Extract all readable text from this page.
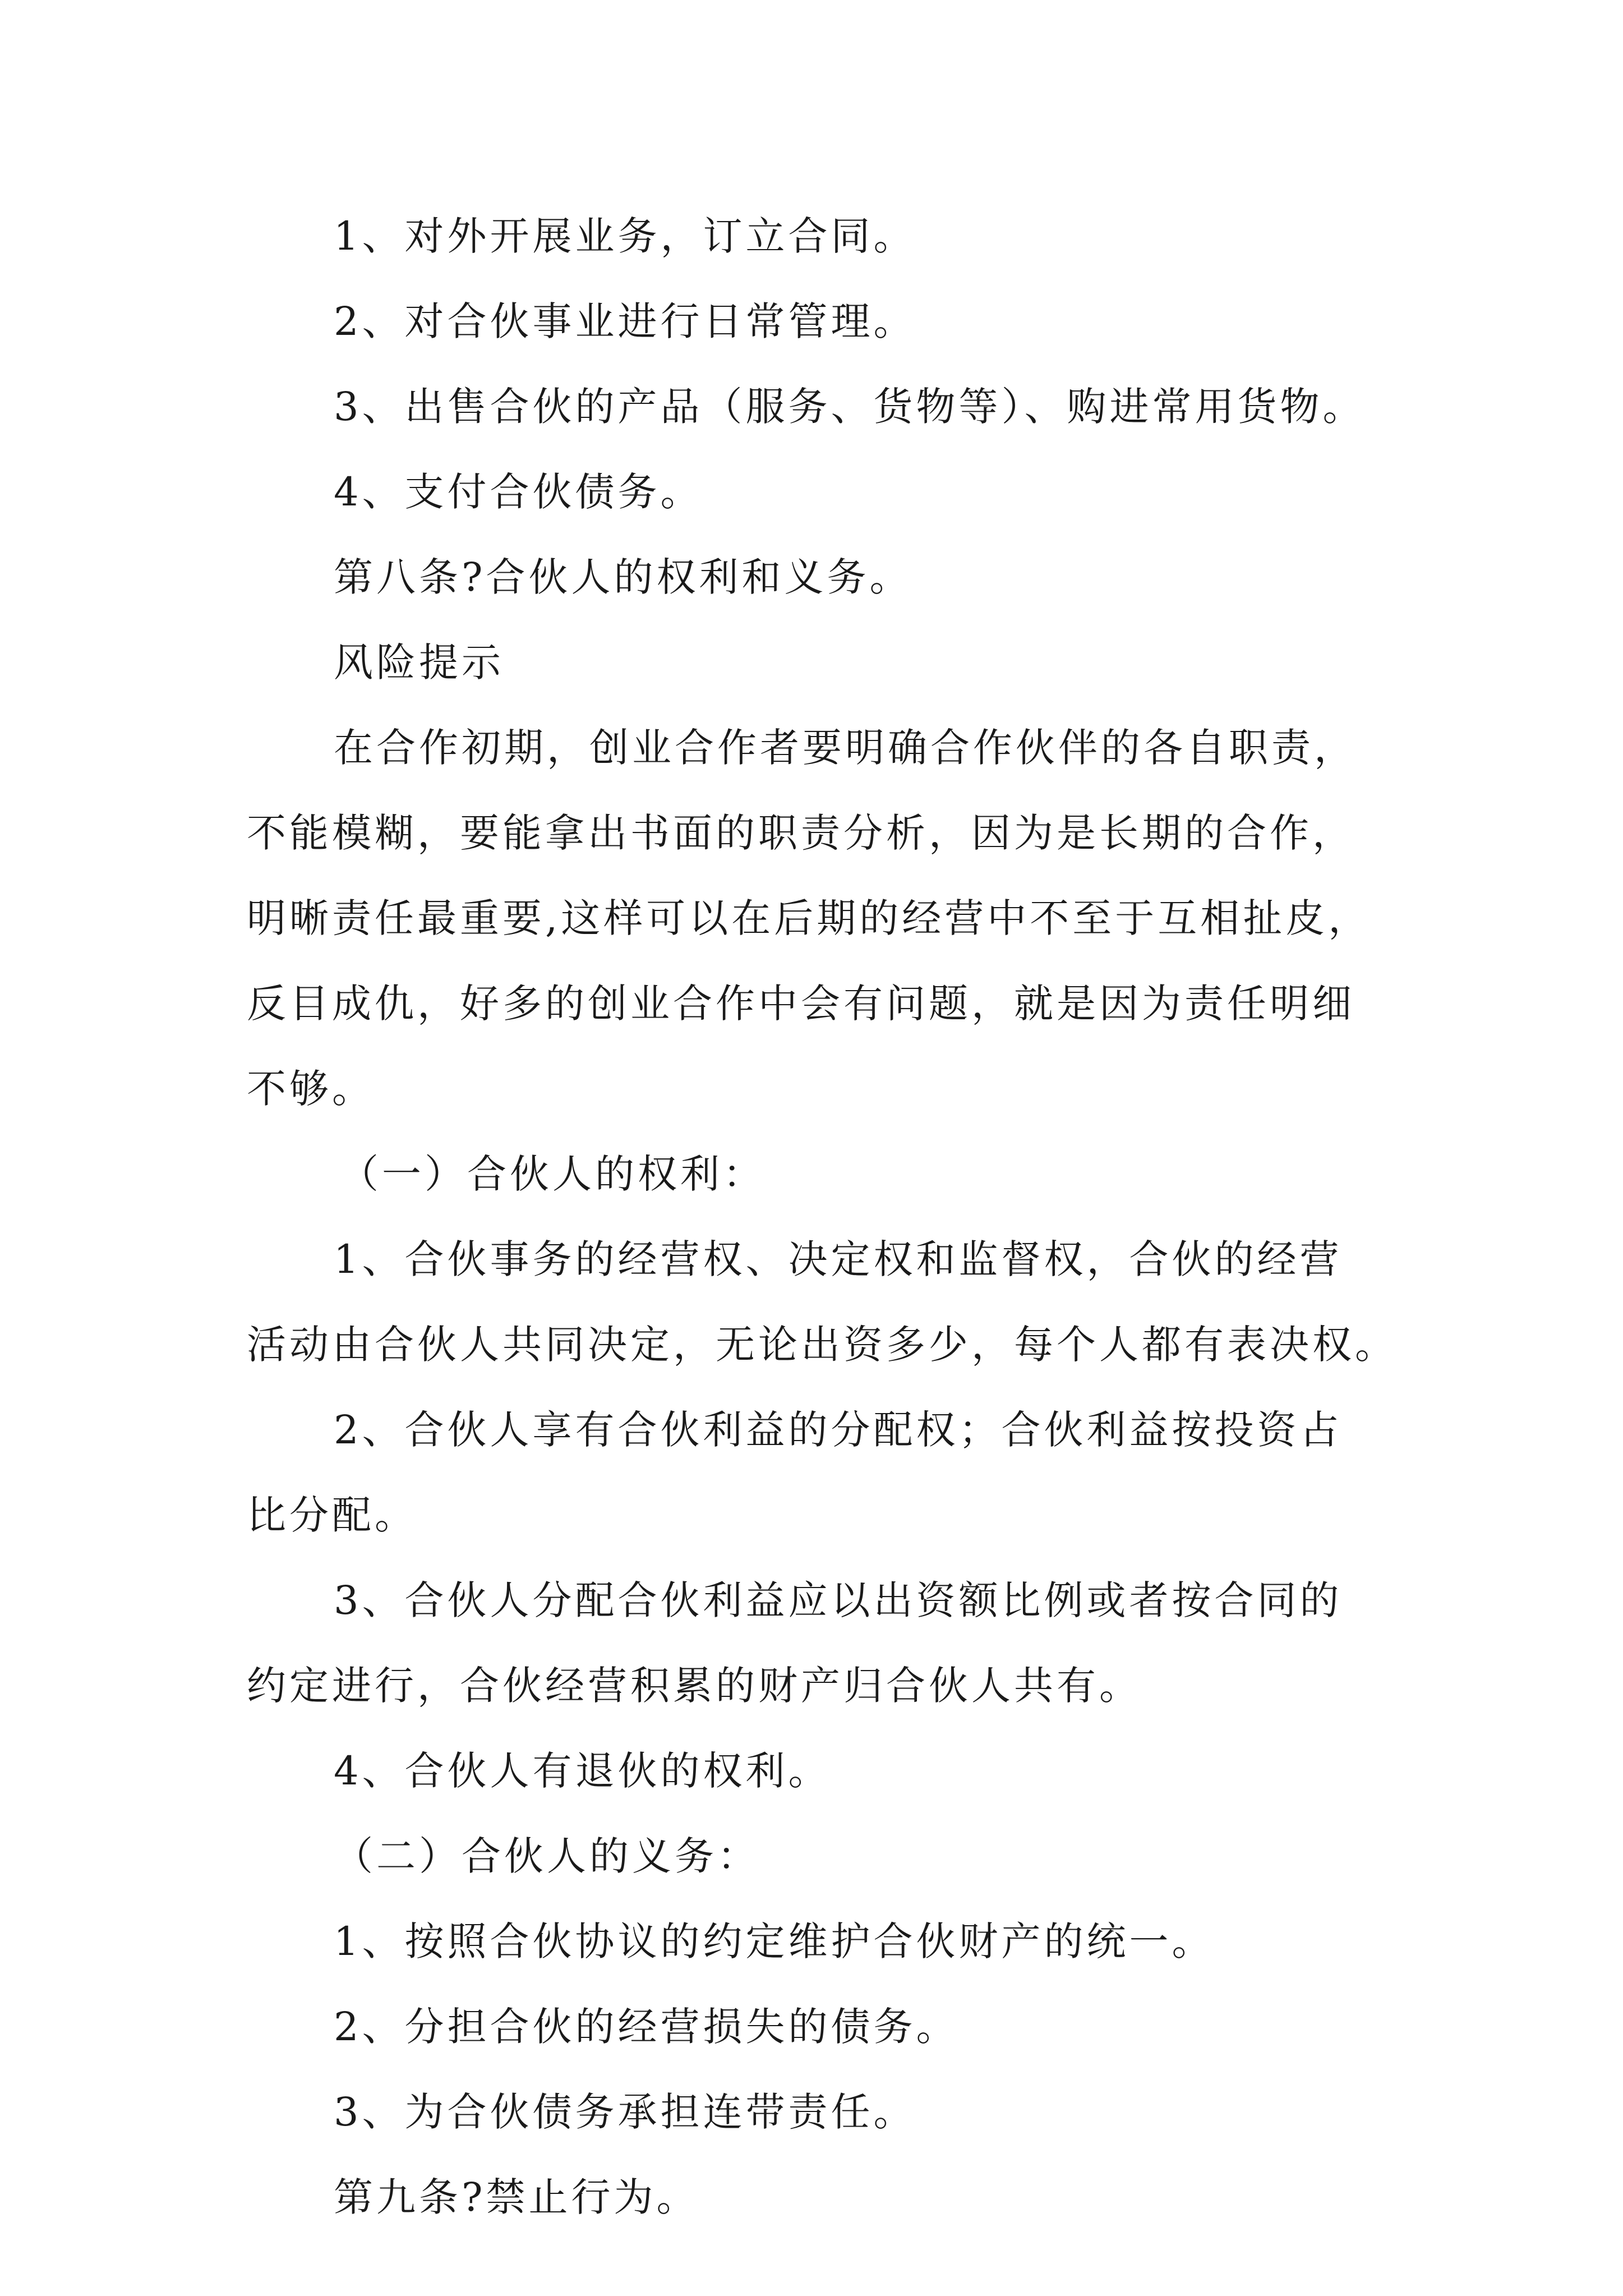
1、对外开展业务，订立合同。
2、对合伙事业进行日常管理。
3、出售合伙的产品（服务、货物等）、购进常用货物。
4、支付合伙债务。
第八条?合伙人的权利和义务。
风险提示
在合作初期，创业合作者要明确合作伙伴的各自职责，
不能模糊，要能拿出书面的职责分析，因为是长期的合作，
明晰责任最重要,这样可以在后期的经营中不至于互相扯皮，
反目成仇，好多的创业合作中会有问题，就是因为责任明细
不够。
（一）合伙人的权利：
1、合伙事务的经营权、决定权和监督权，合伙的经营
活动由合伙人共同决定，无论出资多少，每个人都有表决权。
2、合伙人享有合伙利益的分配权；合伙利益按投资占
比分配。
3、合伙人分配合伙利益应以出资额比例或者按合同的
约定进行，合伙经营积累的财产归合伙人共有。
4、合伙人有退伙的权利。
（二）合伙人的义务：
1、按照合伙协议的约定维护合伙财产的统一。
2、分担合伙的经营损失的债务。
3、为合伙债务承担连带责任。
第九条?禁止行为。
